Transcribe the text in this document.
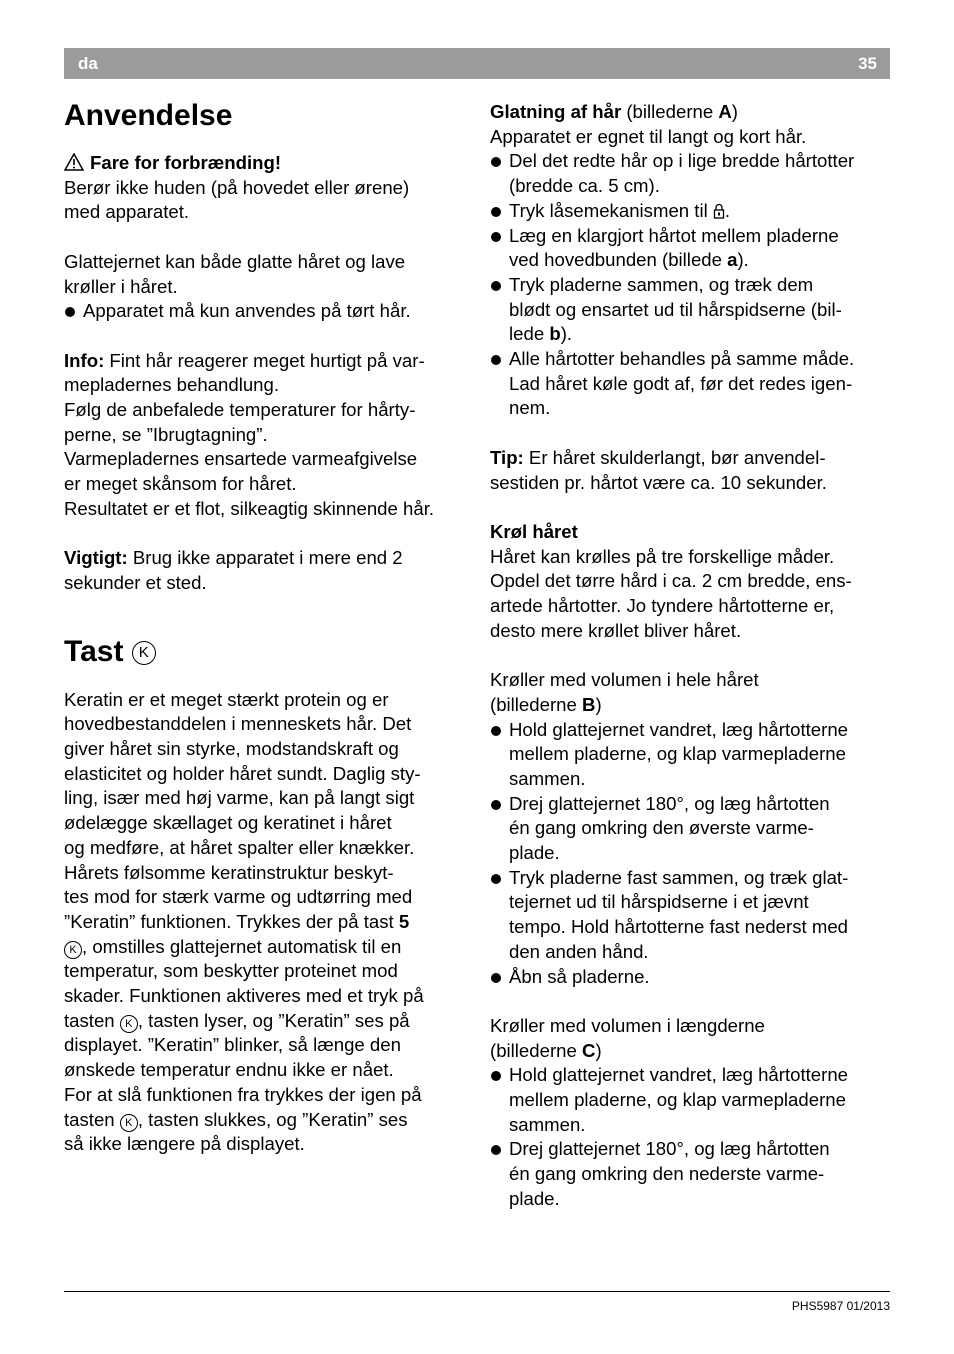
da	35
Anvendelse

Fare for forbrænding!

Berør ikke huden (på hovedet eller ørene)
med apparatet.

Glattejernet kan både glatte håret og lave
krøller i håret.

Apparatet må kun anvendes på tørt hår.

Info: Fint hår reagerer meget hurtigt på var-
mepladernes behandlung.
Følg de anbefalede temperaturer for hårty-
perne, se ”Ibrugtagning”.
Varmepladernes ensartede varmeafgivelse
er meget skånsom for håret.
Resultatet er et flot, silkeagtig skinnende hår.

Vigtigt: Brug ikke apparatet i mere end 2
sekunder et sted.

Tast K

Keratin er et meget stærkt protein og er
hovedbestanddelen i menneskets hår. Det
giver håret sin styrke, modstandskraft og
elasticitet og holder håret sundt. Daglig sty-
ling, især med høj varme, kan på langt sigt
ødelægge skællaget og keratinet i håret
og medføre, at håret spalter eller knækker.
Hårets følsomme keratinstruktur beskyt-
tes mod for stærk varme og udtørring med
”Keratin” funktionen. Trykkes der på tast 5
K , omstilles glattejernet automatisk til en
temperatur, som beskytter proteinet mod
skader. Funktionen aktiveres med et tryk på
tasten K , tasten lyser, og ”Keratin” ses på
displayet. ”Keratin” blinker, så længe den
ønskede temperatur endnu ikke er nået.
For at slå funktionen fra trykkes der igen på
tasten K , tasten slukkes, og ”Keratin” ses
så ikke længere på displayet.

Glatning af hår (billederne A)

Apparatet er egnet til langt og kort hår.

Del det redte hår op i lige bredde hårtotter
(bredde ca. 5 cm).
Tryk låsemekanismen til .
Læg en klargjort hårtot mellem pladerne
ved hovedbunden (billede a).
Tryk pladerne sammen, og træk dem
blødt og ensartet ud til hårspidserne (bil-
lede b).
Alle hårtotter behandles på samme måde.
Lad håret køle godt af, før det redes igen-
nem.

Tip: Er håret skulderlangt, bør anvendel-
sestiden pr. hårtot være ca. 10 sekunder.

Krøl håret

Håret kan krølles på tre forskellige måder.
Opdel det tørre hård i ca. 2 cm bredde, ens-
artede hårtotter. Jo tyndere hårtotterne er,
desto mere krøllet bliver håret.

Krøller med volumen i hele håret
(billederne B)

Hold glattejernet vandret, læg hårtotterne
mellem pladerne, og klap varmepladerne
sammen.
Drej glattejernet 180°, og læg hårtotten
én gang omkring den øverste varme-
plade.
Tryk pladerne fast sammen, og træk glat-
tejernet ud til hårspidserne i et jævnt
tempo. Hold hårtotterne fast nederst med
den anden hånd.
Åbn så pladerne.

Krøller med volumen i længderne
(billederne C)

Hold glattejernet vandret, læg hårtotterne
mellem pladerne, og klap varmepladerne
sammen.
Drej glattejernet 180°, og læg hårtotten
én gang omkring den nederste varme-
plade.
PHS5987 01/2013
